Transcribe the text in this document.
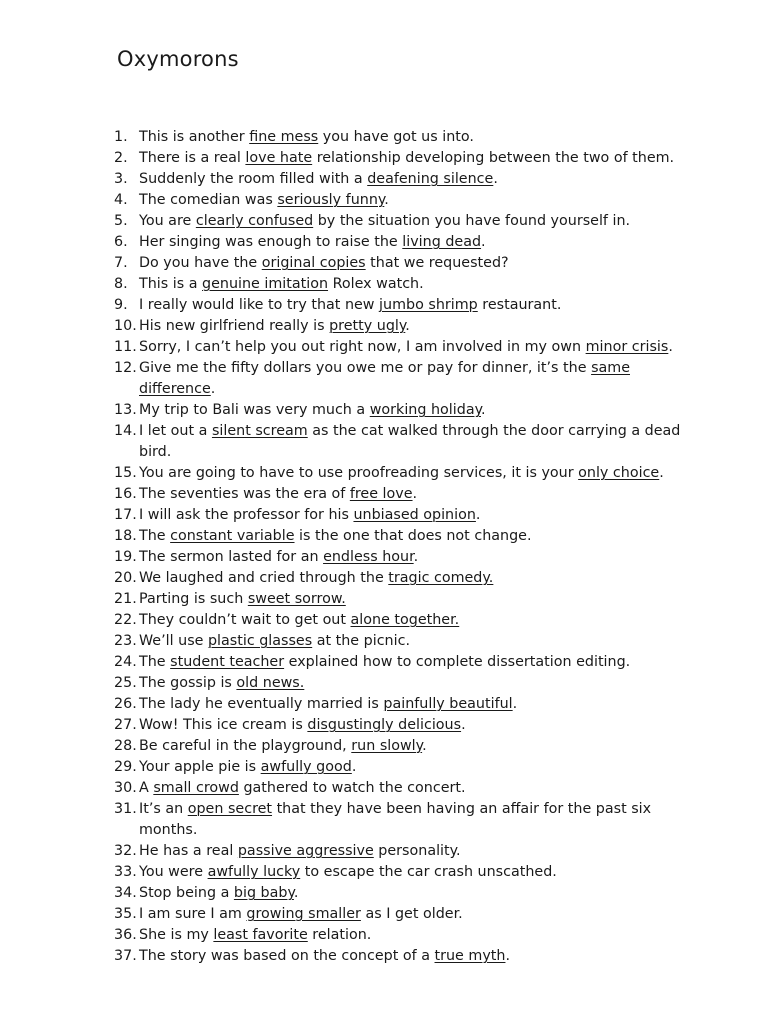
Oxymorons
1. This is another fine mess you have got us into.
2. There is a real love hate relationship developing between the two of them.
3. Suddenly the room filled with a deafening silence.
4. The comedian was seriously funny.
5. You are clearly confused by the situation you have found yourself in.
6. Her singing was enough to raise the living dead.
7. Do you have the original copies that we requested?
8. This is a genuine imitation Rolex watch.
9. I really would like to try that new jumbo shrimp restaurant.
10. His new girlfriend really is pretty ugly.
11. Sorry, I can’t help you out right now, I am involved in my own minor crisis.
12. Give me the fifty dollars you owe me or pay for dinner, it’s the same difference.
13. My trip to Bali was very much a working holiday.
14. I let out a silent scream as the cat walked through the door carrying a dead bird.
15. You are going to have to use proofreading services, it is your only choice.
16. The seventies was the era of free love.
17. I will ask the professor for his unbiased opinion.
18. The constant variable is the one that does not change.
19. The sermon lasted for an endless hour.
20. We laughed and cried through the tragic comedy.
21. Parting is such sweet sorrow.
22. They couldn’t wait to get out alone together.
23. We’ll use plastic glasses at the picnic.
24. The student teacher explained how to complete dissertation editing.
25. The gossip is old news.
26. The lady he eventually married is painfully beautiful.
27. Wow! This ice cream is disgustingly delicious.
28. Be careful in the playground, run slowly.
29. Your apple pie is awfully good.
30. A small crowd gathered to watch the concert.
31. It’s an open secret that they have been having an affair for the past six months.
32. He has a real passive aggressive personality.
33. You were awfully lucky to escape the car crash unscathed.
34. Stop being a big baby.
35. I am sure I am growing smaller as I get older.
36. She is my least favorite relation.
37. The story was based on the concept of a true myth.
